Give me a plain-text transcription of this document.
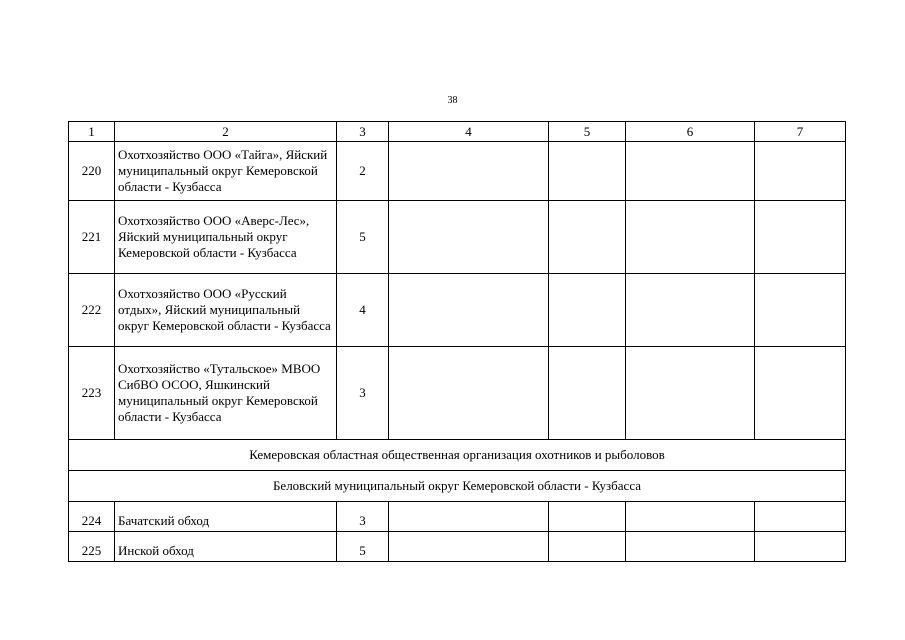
38
1	2	3	4	5	6	7
220	Охотхозяйство ООО «Тайга», Яйский муниципальный округ Кемеровской области - Кузбасса	2				
221	Охотхозяйство ООО «Аверс-Лес», Яйский муниципальный округ Кемеровской области - Кузбасса	5				
222	Охотхозяйство ООО «Русский отдых», Яйский муниципальный округ Кемеровской области - Кузбасса	4				
223	Охотхозяйство «Тутальское» МВОО СибВО ОСОО, Яшкинский муниципальный округ Кемеровской области - Кузбасса	3				
Кемеровская областная общественная организация охотников и рыболовов						
Беловский муниципальный округ Кемеровской области - Кузбасса						
224	Бачатский обход	3				
225	Инской обход	5				
